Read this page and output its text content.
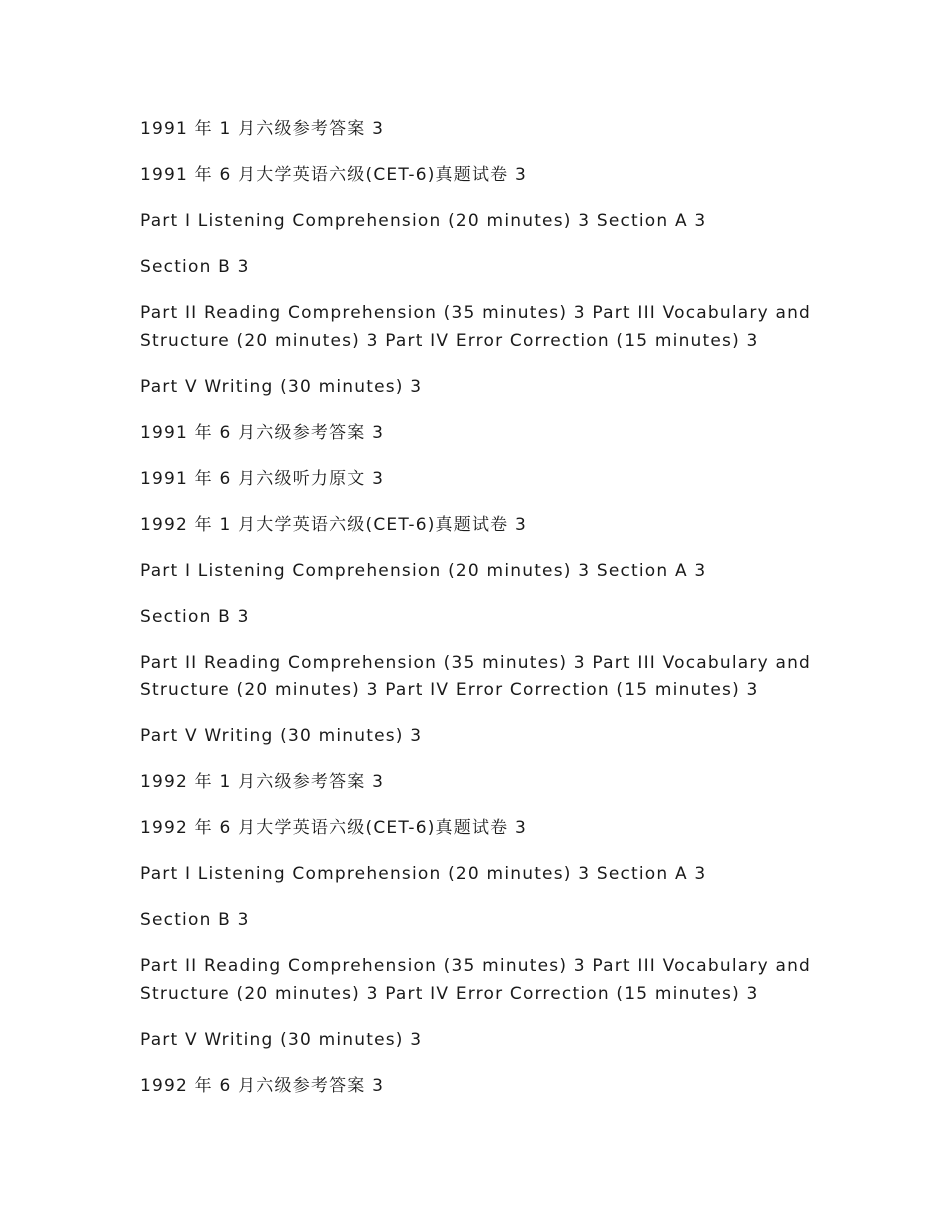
1991 年 1 月六级参考答案 3

1991 年 6 月大学英语六级(CET-6)真题试卷 3

Part I Listening Comprehension (20 minutes) 3 Section A 3

Section B 3

Part II Reading Comprehension (35 minutes) 3 Part III Vocabulary and Structure (20 minutes) 3 Part IV Error Correction (15 minutes) 3

Part V Writing (30 minutes) 3

1991 年 6 月六级参考答案 3

1991 年 6 月六级听力原文 3

1992 年 1 月大学英语六级(CET-6)真题试卷 3

Part I Listening Comprehension (20 minutes) 3 Section A 3

Section B 3

Part II Reading Comprehension (35 minutes) 3 Part III Vocabulary and Structure (20 minutes) 3 Part IV Error Correction (15 minutes) 3

Part V Writing (30 minutes) 3

1992 年 1 月六级参考答案 3

1992 年 6 月大学英语六级(CET-6)真题试卷 3

Part I Listening Comprehension (20 minutes) 3 Section A 3

Section B 3

Part II Reading Comprehension (35 minutes) 3 Part III Vocabulary and Structure (20 minutes) 3 Part IV Error Correction (15 minutes) 3

Part V Writing (30 minutes) 3

1992 年 6 月六级参考答案 3
